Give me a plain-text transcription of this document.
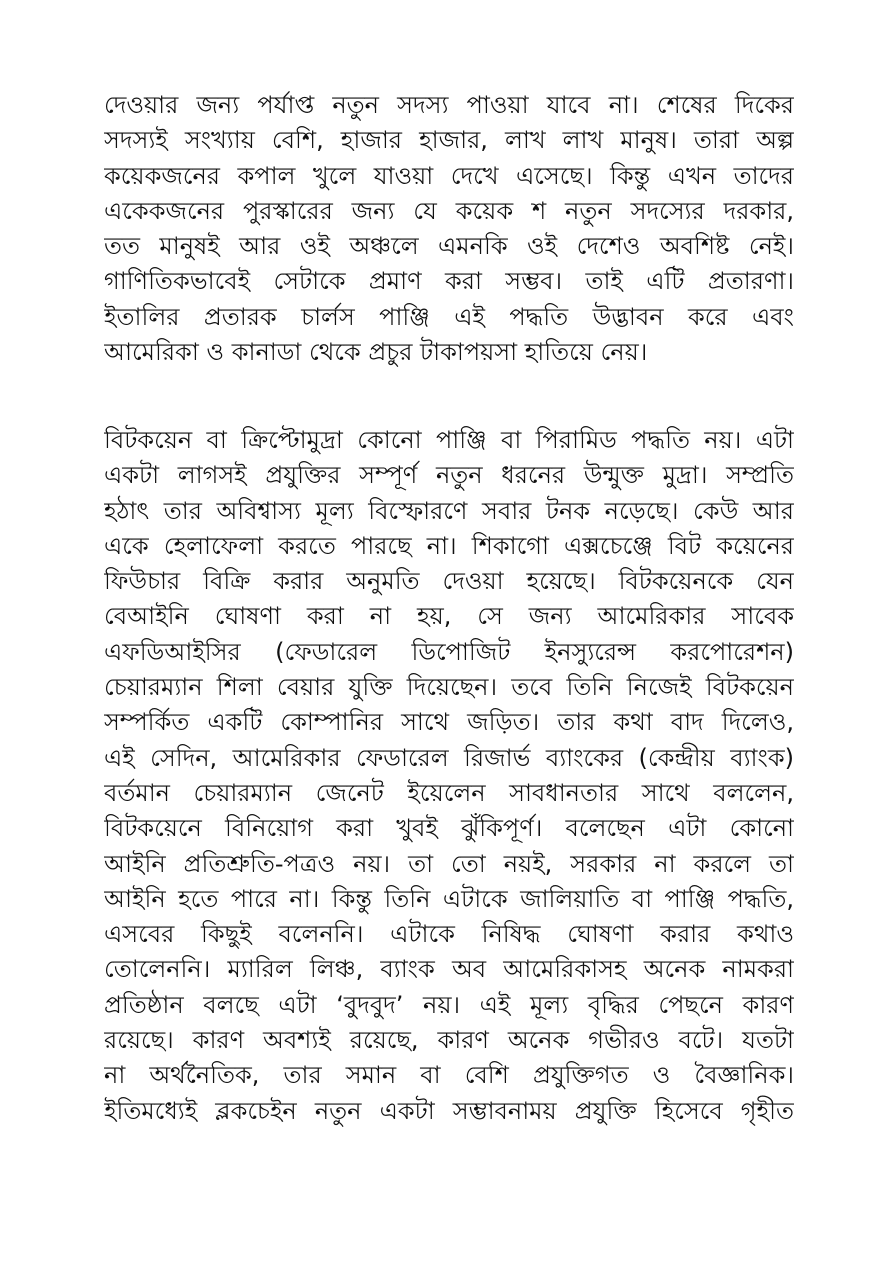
দেওয়ার জন্য পর্যাপ্ত নতুন সদস্য পাওয়া যাবে না। শেষের দিকের
সদস্যই সংখ্যায় বেশি, হাজার হাজার, লাখ লাখ মানুষ। তারা অল্প
কয়েকজনের কপাল খুলে যাওয়া দেখে এসেছে। কিন্তু এখন তাদের
একেকজনের পুরস্কারের জন্য যে কয়েক শ নতুন সদস্যের দরকার,
তত মানুষই আর ওই অঞ্চলে এমনকি ওই দেশেও অবশিষ্ট নেই।
গাণিতিকভাবেই সেটাকে প্রমাণ করা সম্ভব। তাই এটি প্রতারণা।
ইতালির প্রতারক চার্লস পাঞ্জি এই পদ্ধতি উদ্ভাবন করে এবং
আমেরিকা ও কানাডা থেকে প্রচুর টাকাপয়সা হাতিয়ে নেয়।
বিটকয়েন বা ক্রিপ্টোমুদ্রা কোনো পাঞ্জি বা পিরামিড পদ্ধতি নয়। এটা
একটা লাগসই প্রযুক্তির সম্পূর্ণ নতুন ধরনের উন্মুক্ত মুদ্রা। সম্প্রতি
হঠাৎ তার অবিশ্বাস্য মূল্য বিস্ফোরণে সবার টনক নড়েছে। কেউ আর
একে হেলাফেলা করতে পারছে না। শিকাগো এক্সচেঞ্জে বিট কয়েনের
ফিউচার বিক্রি করার অনুমতি দেওয়া হয়েছে। বিটকয়েনকে যেন
বেআইনি ঘোষণা করা না হয়, সে জন্য আমেরিকার সাবেক
এফডিআইসির (ফেডারেল ডিপোজিট ইনস্যুরেন্স করপোরেশন)
চেয়ারম্যান শিলা বেয়ার যুক্তি দিয়েছেন। তবে তিনি নিজেই বিটকয়েন
সম্পর্কিত একটি কোম্পানির সাথে জড়িত। তার কথা বাদ দিলেও,
এই সেদিন, আমেরিকার ফেডারেল রিজার্ভ ব্যাংকের (কেন্দ্রীয় ব্যাংক)
বর্তমান চেয়ারম্যান জেনেট ইয়েলেন সাবধানতার সাথে বললেন,
বিটকয়েনে বিনিয়োগ করা খুবই ঝুঁকিপূর্ণ। বলেছেন এটা কোনো
আইনি প্রতিশ্রুতি-পত্রও নয়। তা তো নয়ই, সরকার না করলে তা
আইনি হতে পারে না। কিন্তু তিনি এটাকে জালিয়াতি বা পাঞ্জি পদ্ধতি,
এসবের কিছুই বলেননি। এটাকে নিষিদ্ধ ঘোষণা করার কথাও
তোলেননি। ম্যারিল লিঞ্চ, ব্যাংক অব আমেরিকাসহ অনেক নামকরা
প্রতিষ্ঠান বলছে এটা ‘বুদবুদ’ নয়। এই মূল্য বৃদ্ধির পেছনে কারণ
রয়েছে। কারণ অবশ্যই রয়েছে, কারণ অনেক গভীরও বটে। যতটা
না অর্থনৈতিক, তার সমান বা বেশি প্রযুক্তিগত ও বৈজ্ঞানিক।
ইতিমধ্যেই ব্লকচেইন নতুন একটা সম্ভাবনাময় প্রযুক্তি হিসেবে গৃহীত
